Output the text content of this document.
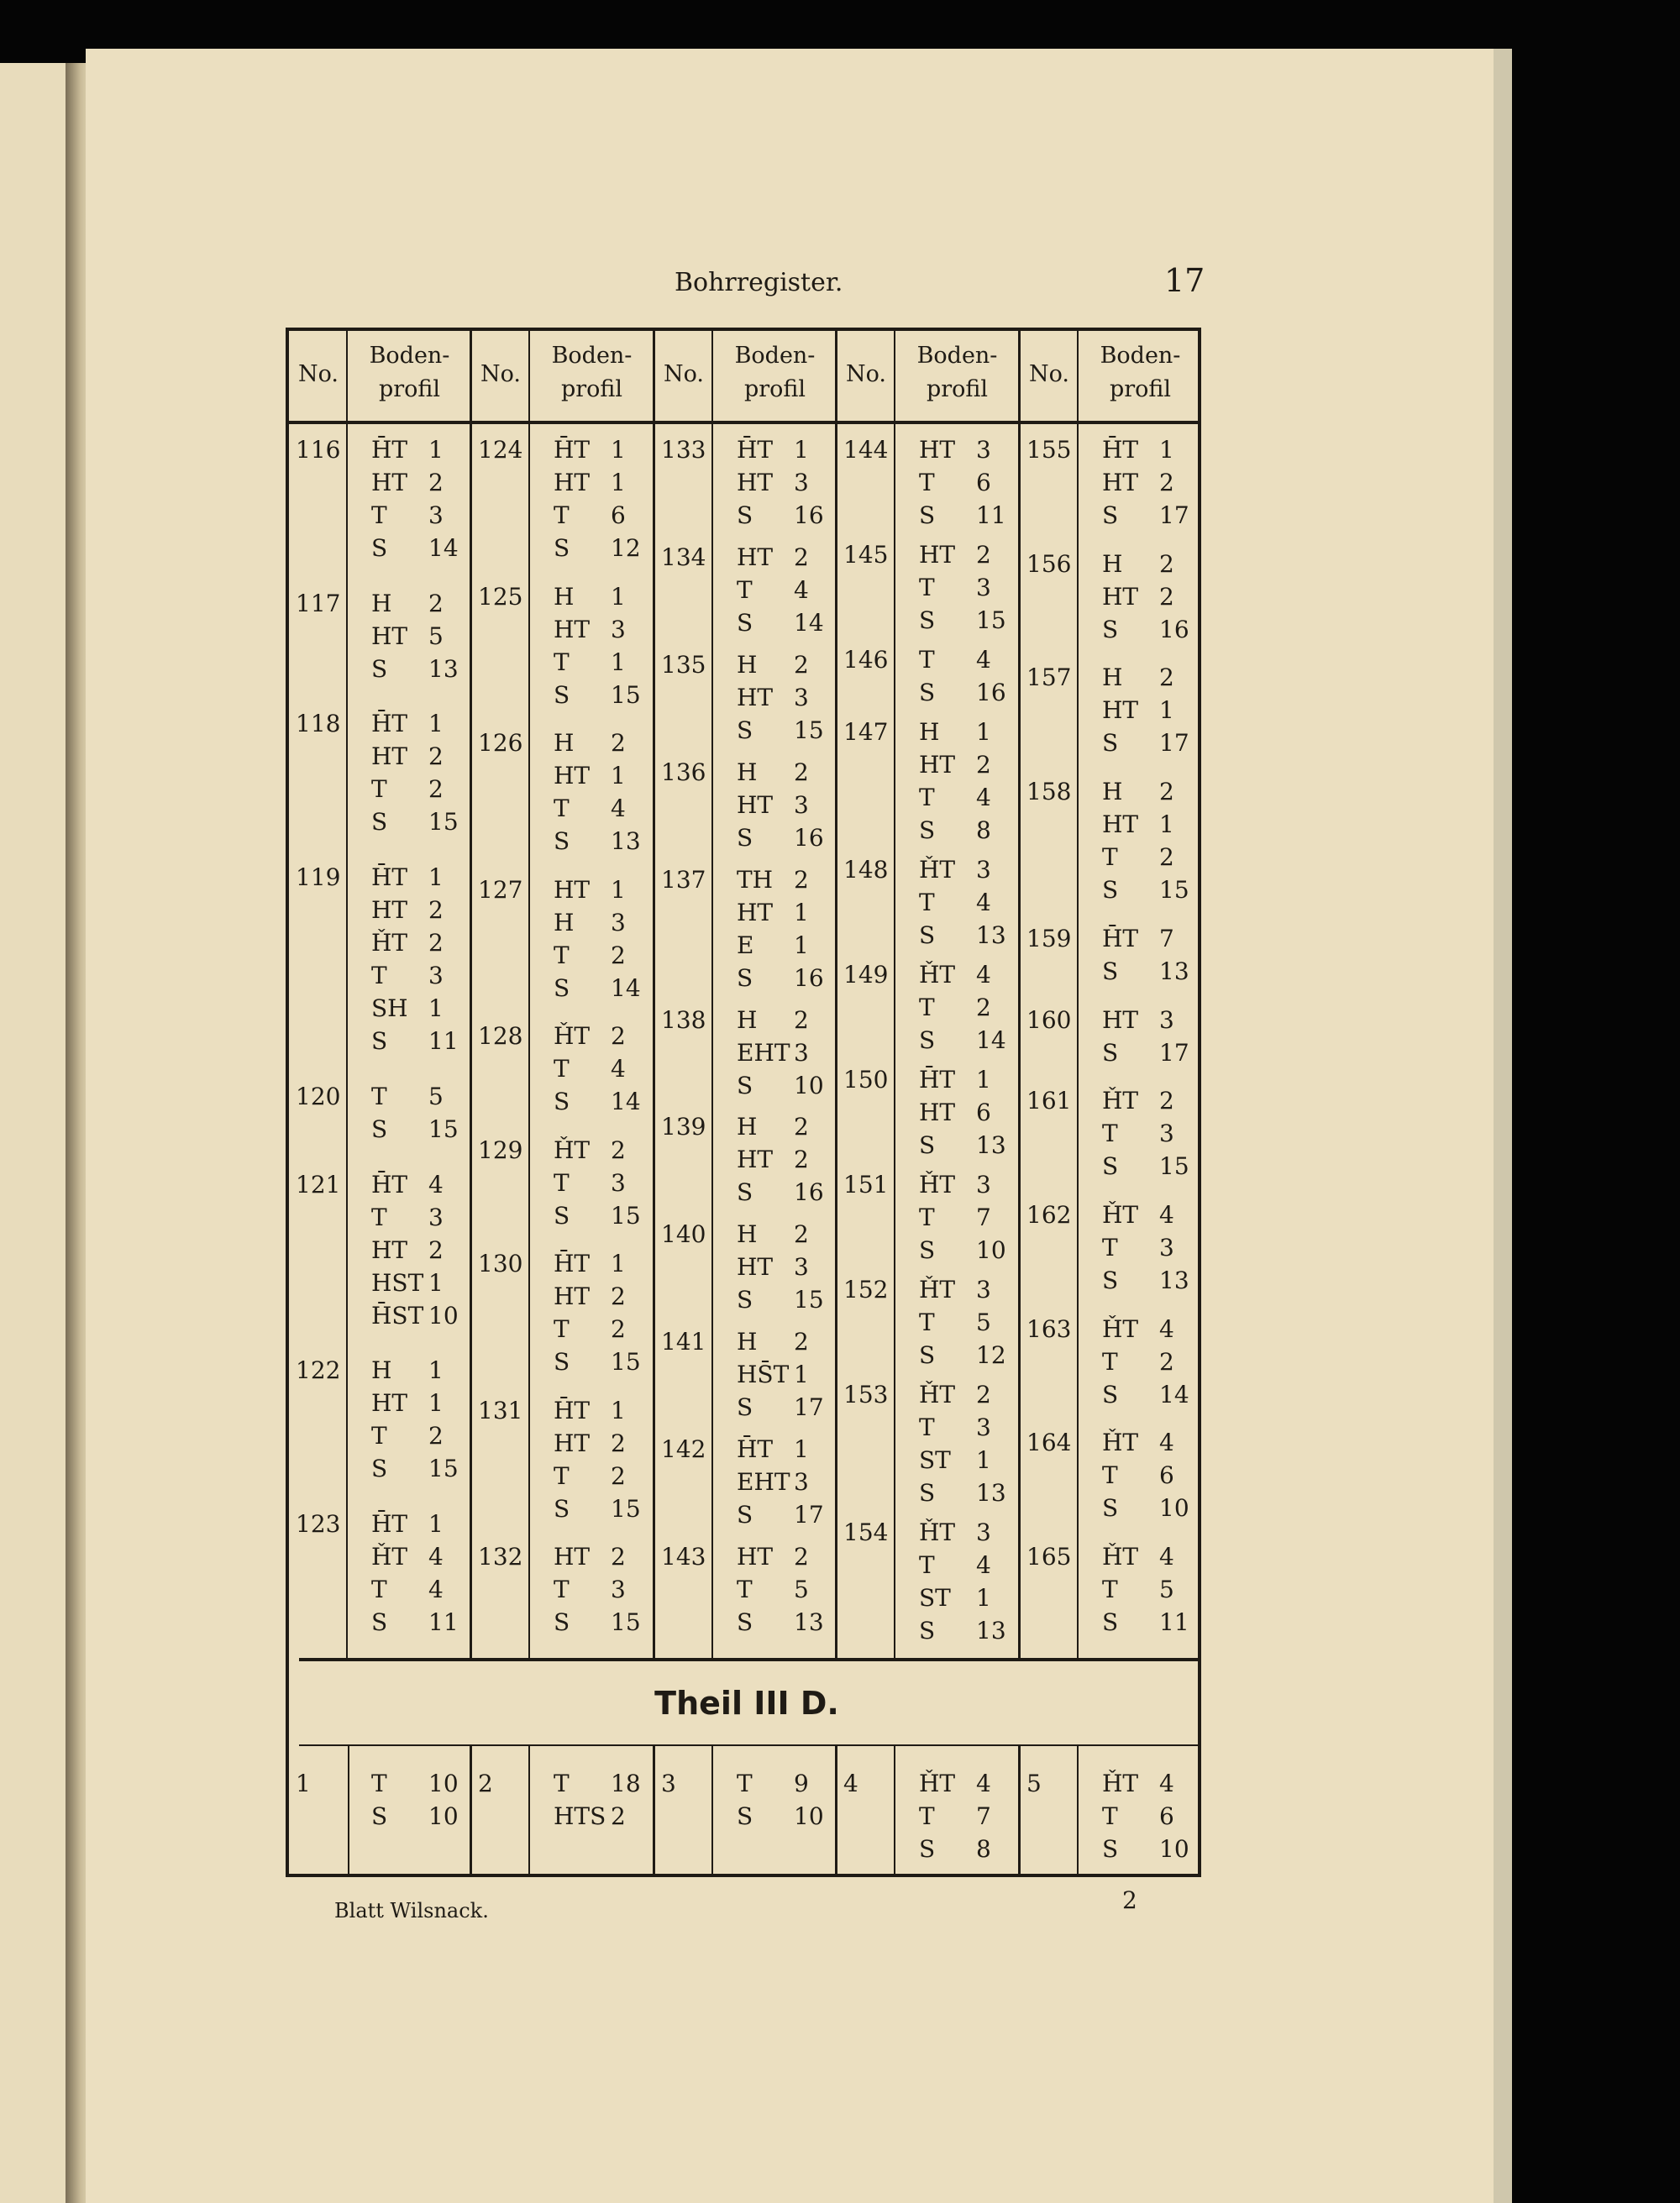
Bohrregister.	17
No.
Boden-
profil
No.
Boden-
profil
No.
Boden-
profil
No.
Boden-
profil
No.
Boden-
profil
116 H̄T 1
HT 2
T 3
S 14
117 H 2
HT 5
S 13
118 H̄T 1
HT 2
T 2
S 15
119 H̄T 1
HT 2
ȞT 2
T 3
SH 1
S 11
120 T 5
S 15
121 H̄T 4
T 3
HT 2
HST 1
H̄ST 10
122 H 1
HT 1
T 2
S 15
123 H̄T 1
ȞT 4
T 4
S 11
124 H̄T 1
HT 1
T 6
S 12
125 H 1
HT 3
T 1
S 15
126 H 2
HT 1
T 4
S 13
127 HT 1
H 3
T 2
S 14
128 ȞT 2
T 4
S 14
129 ȞT 2
T 3
S 15
130 H̄T 1
HT 2
T 2
S 15
131 H̄T 1
HT 2
T 2
S 15
132 HT 2
T 3
S 15
133 H̄T 1
HT 3
S 16
134 HT 2
T 4
S 14
135 H 2
HT 3
S 15
136 H 2
HT 3
S 16
137 TH 2
HT 1
E 1
S 16
138 H 2
EHT 3
S 10
139 H 2
HT 2
S 16
140 H 2
HT 3
S 15
141 H 2
HS̄T 1
S 17
142 H̄T 1
EHT 3
S 17
143 HT 2
T 5
S 13
144 HT 3
T 6
S 11
145 HT 2
T 3
S 15
146 T 4
S 16
147 H 1
HT 2
T 4
S 8
148 ȞT 3
T 4
S 13
149 ȞT 4
T 2
S 14
150 H̄T 1
HT 6
S 13
151 ȞT 3
T 7
S 10
152 ȞT 3
T 5
S 12
153 ȞT 2
T 3
ST 1
S 13
154 ȞT 3
T 4
ST 1
S 13
155 H̄T 1
HT 2
S 17
156 H 2
HT 2
S 16
157 H 2
HT 1
S 17
158 H 2
HT 1
T 2
S 15
159 H̄T 7
S 13
160 HT 3
S 17
161 ȞT 2
T 3
S 15
162 ȞT 4
T 3
S 13
163 ȞT 4
T 2
S 14
164 ȞT 4
T 6
S 10
165 ȞT 4
T 5
S 11
Theil III D.
1	T 10
S 10
2	T 18
HTS 2
3	T 9
S 10
4	ȞT 4
T 7
S 8
5	ȞT 4
T 6
S 10
Blatt Wilsnack.	2
